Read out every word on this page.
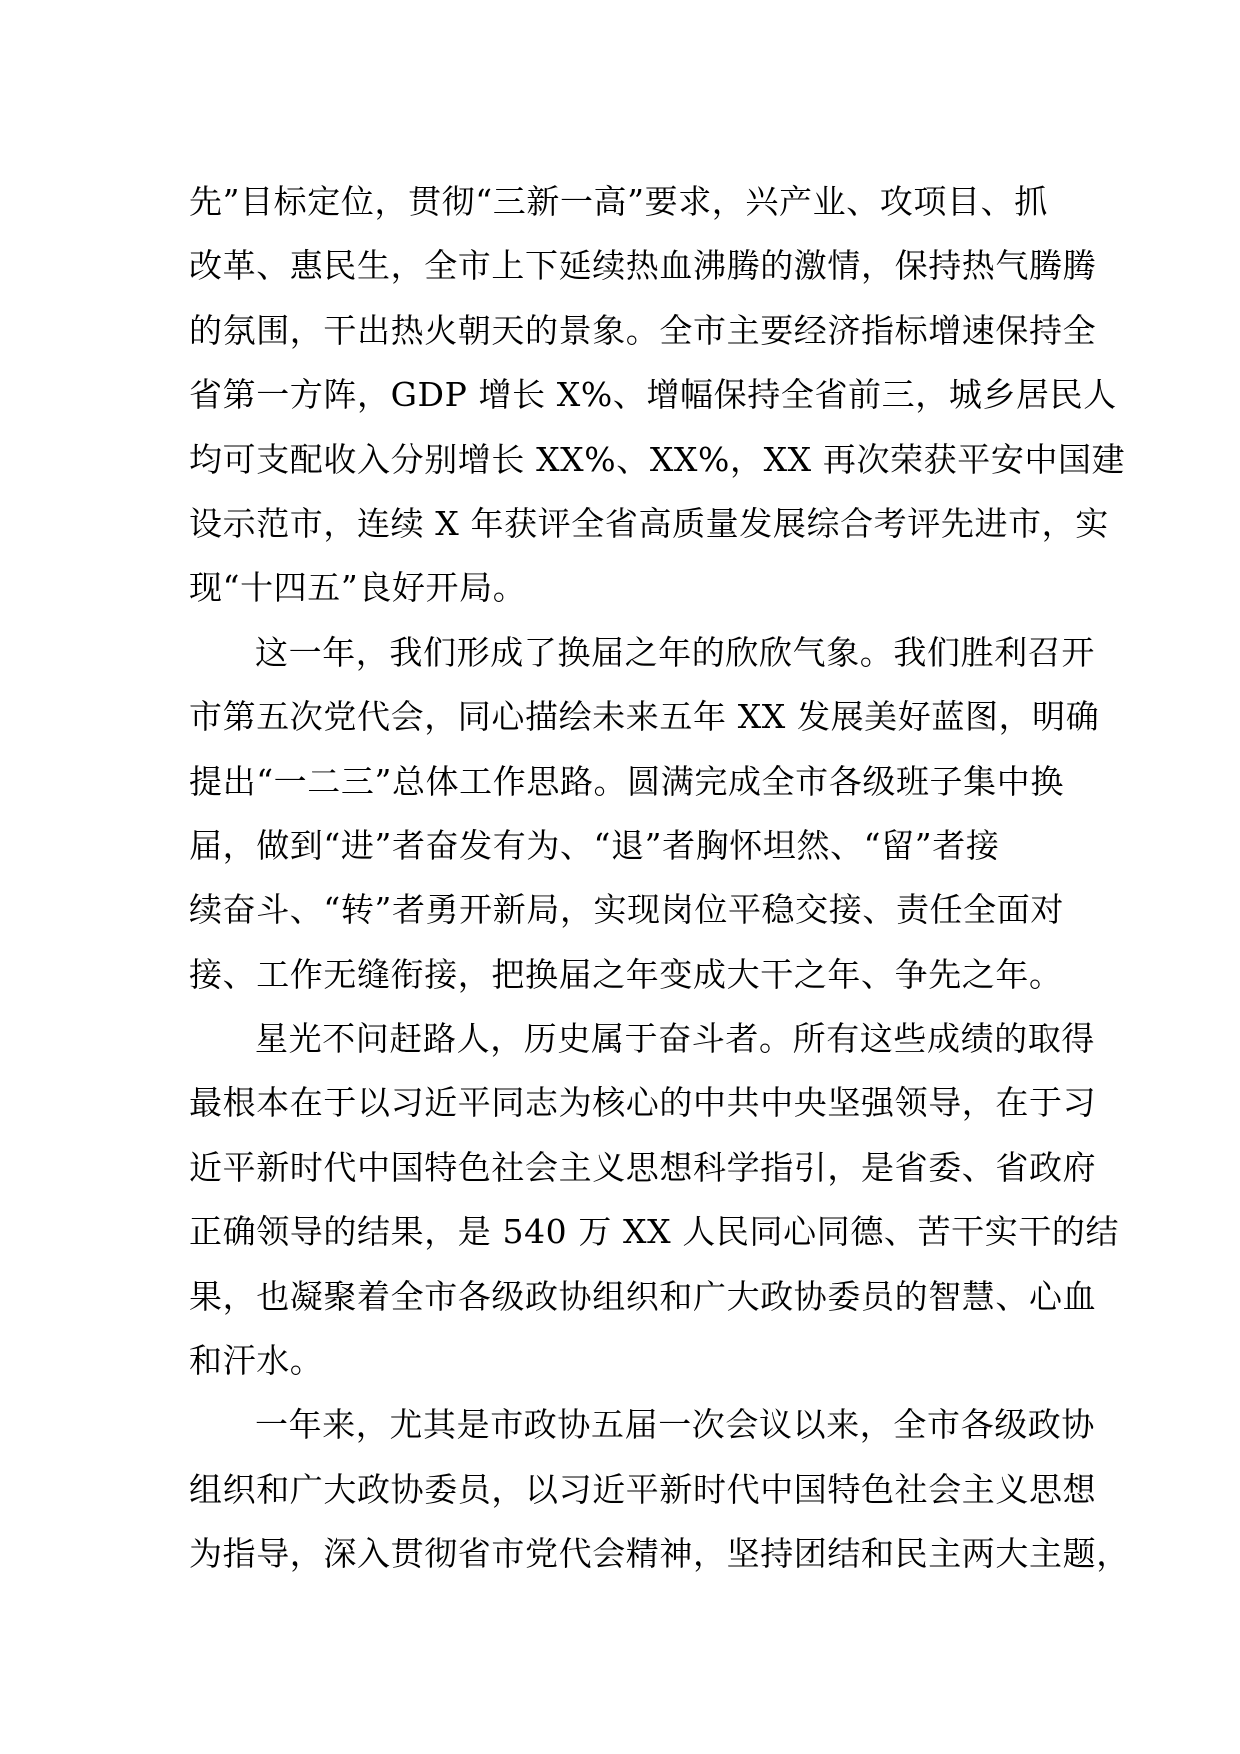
先”目标定位，贯彻“三新一高”要求，兴产业、攻项目、抓
改革、惠民生，全市上下延续热血沸腾的激情，保持热气腾腾
的氛围，干出热火朝天的景象。全市主要经济指标增速保持全
省第一方阵，GDP 增长 X%、增幅保持全省前三，城乡居民人
均可支配收入分别增长 XX%、XX%，XX 再次荣获平安中国建
设示范市，连续 X 年获评全省高质量发展综合考评先进市，实
现“十四五”良好开局。
这一年，我们形成了换届之年的欣欣气象。我们胜利召开
市第五次党代会，同心描绘未来五年 XX 发展美好蓝图，明确
提出“一二三”总体工作思路。圆满完成全市各级班子集中换
届，做到“进”者奋发有为、“退”者胸怀坦然、“留”者接
续奋斗、“转”者勇开新局，实现岗位平稳交接、责任全面对
接、工作无缝衔接，把换届之年变成大干之年、争先之年。
星光不问赶路人，历史属于奋斗者。所有这些成绩的取得
最根本在于以习近平同志为核心的中共中央坚强领导，在于习
近平新时代中国特色社会主义思想科学指引，是省委、省政府
正确领导的结果，是 540 万 XX 人民同心同德、苦干实干的结
果，也凝聚着全市各级政协组织和广大政协委员的智慧、心血
和汗水。
一年来，尤其是市政协五届一次会议以来，全市各级政协
组织和广大政协委员，以习近平新时代中国特色社会主义思想
为指导，深入贯彻省市党代会精神，坚持团结和民主两大主题，
